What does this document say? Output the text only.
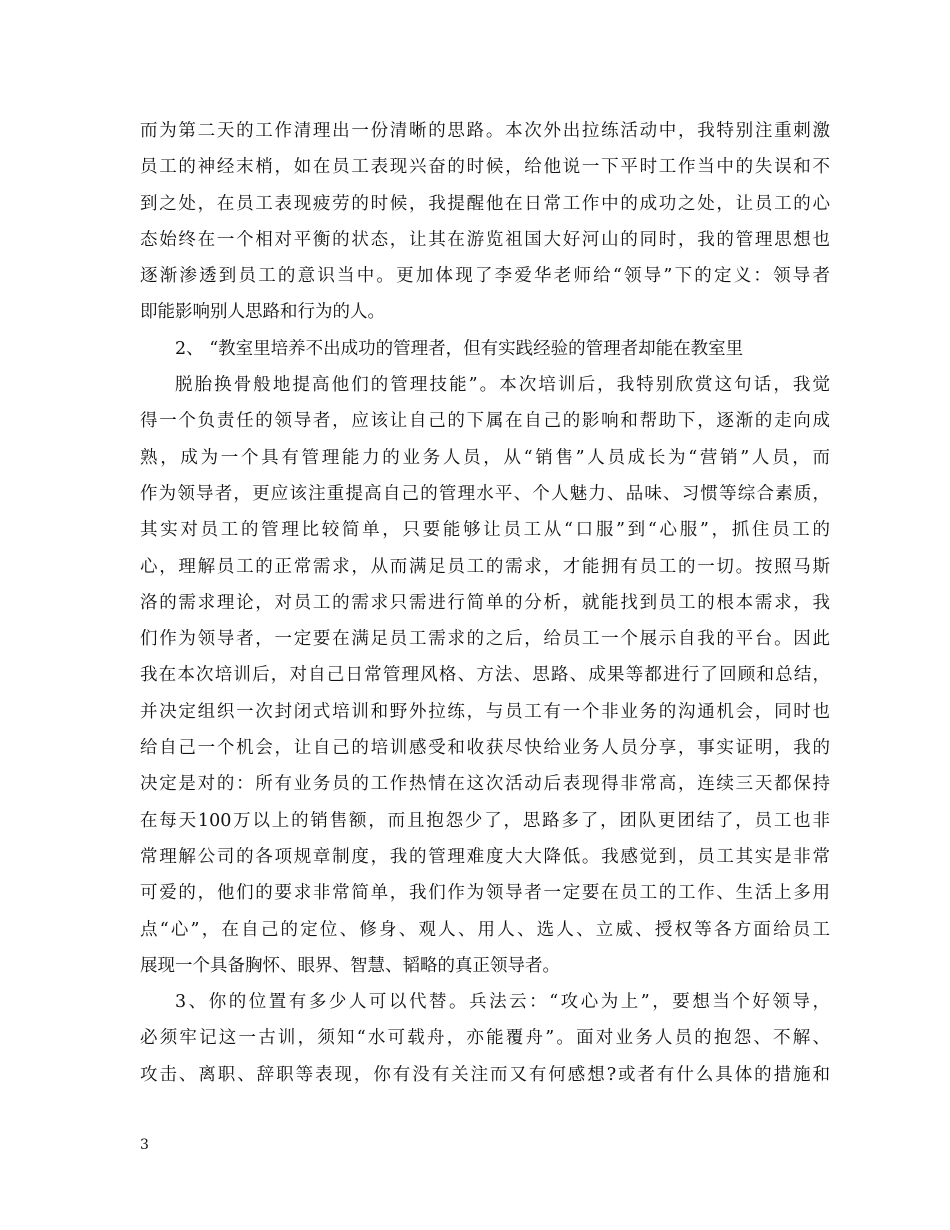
而为第二天的工作清理出一份清晰的思路。本次外出拉练活动中，我特别注重刺激
员工的神经末梢，如在员工表现兴奋的时候，给他说一下平时工作当中的失误和不
到之处，在员工表现疲劳的时候，我提醒他在日常工作中的成功之处，让员工的心
态始终在一个相对平衡的状态，让其在游览祖国大好河山的同时，我的管理思想也
逐渐渗透到员工的意识当中。更加体现了李爱华老师给“领导”下的定义：领导者
即能影响别人思路和行为的人。
2、 “教室里培养不出成功的管理者，但有实践经验的管理者却能在教室里
脱胎换骨般地提高他们的管理技能”。本次培训后，我特别欣赏这句话，我觉
得一个负责任的领导者，应该让自己的下属在自己的影响和帮助下，逐渐的走向成
熟，成为一个具有管理能力的业务人员，从“销售”人员成长为“营销”人员，而
作为领导者，更应该注重提高自己的管理水平、个人魅力、品味、习惯等综合素质，
其实对员工的管理比较简单，只要能够让员工从“口服”到“心服”，抓住员工的
心，理解员工的正常需求，从而满足员工的需求，才能拥有员工的一切。按照马斯
洛的需求理论，对员工的需求只需进行简单的分析，就能找到员工的根本需求，我
们作为领导者，一定要在满足员工需求的之后，给员工一个展示自我的平台。因此
我在本次培训后，对自己日常管理风格、方法、思路、成果等都进行了回顾和总结，
并决定组织一次封闭式培训和野外拉练，与员工有一个非业务的沟通机会，同时也
给自己一个机会，让自己的培训感受和收获尽快给业务人员分享，事实证明，我的
决定是对的：所有业务员的工作热情在这次活动后表现得非常高，连续三天都保持
在每天100万以上的销售额，而且抱怨少了，思路多了，团队更团结了，员工也非
常理解公司的各项规章制度，我的管理难度大大降低。我感觉到，员工其实是非常
可爱的，他们的要求非常简单，我们作为领导者一定要在员工的工作、生活上多用
点“心”，在自己的定位、修身、观人、用人、选人、立威、授权等各方面给员工
展现一个具备胸怀、眼界、智慧、韬略的真正领导者。
3、你的位置有多少人可以代替。兵法云：“攻心为上”，要想当个好领导，
必须牢记这一古训，须知“水可载舟，亦能覆舟”。面对业务人员的抱怨、不解、
攻击、离职、辞职等表现，你有没有关注而又有何感想?或者有什么具体的措施和
3
